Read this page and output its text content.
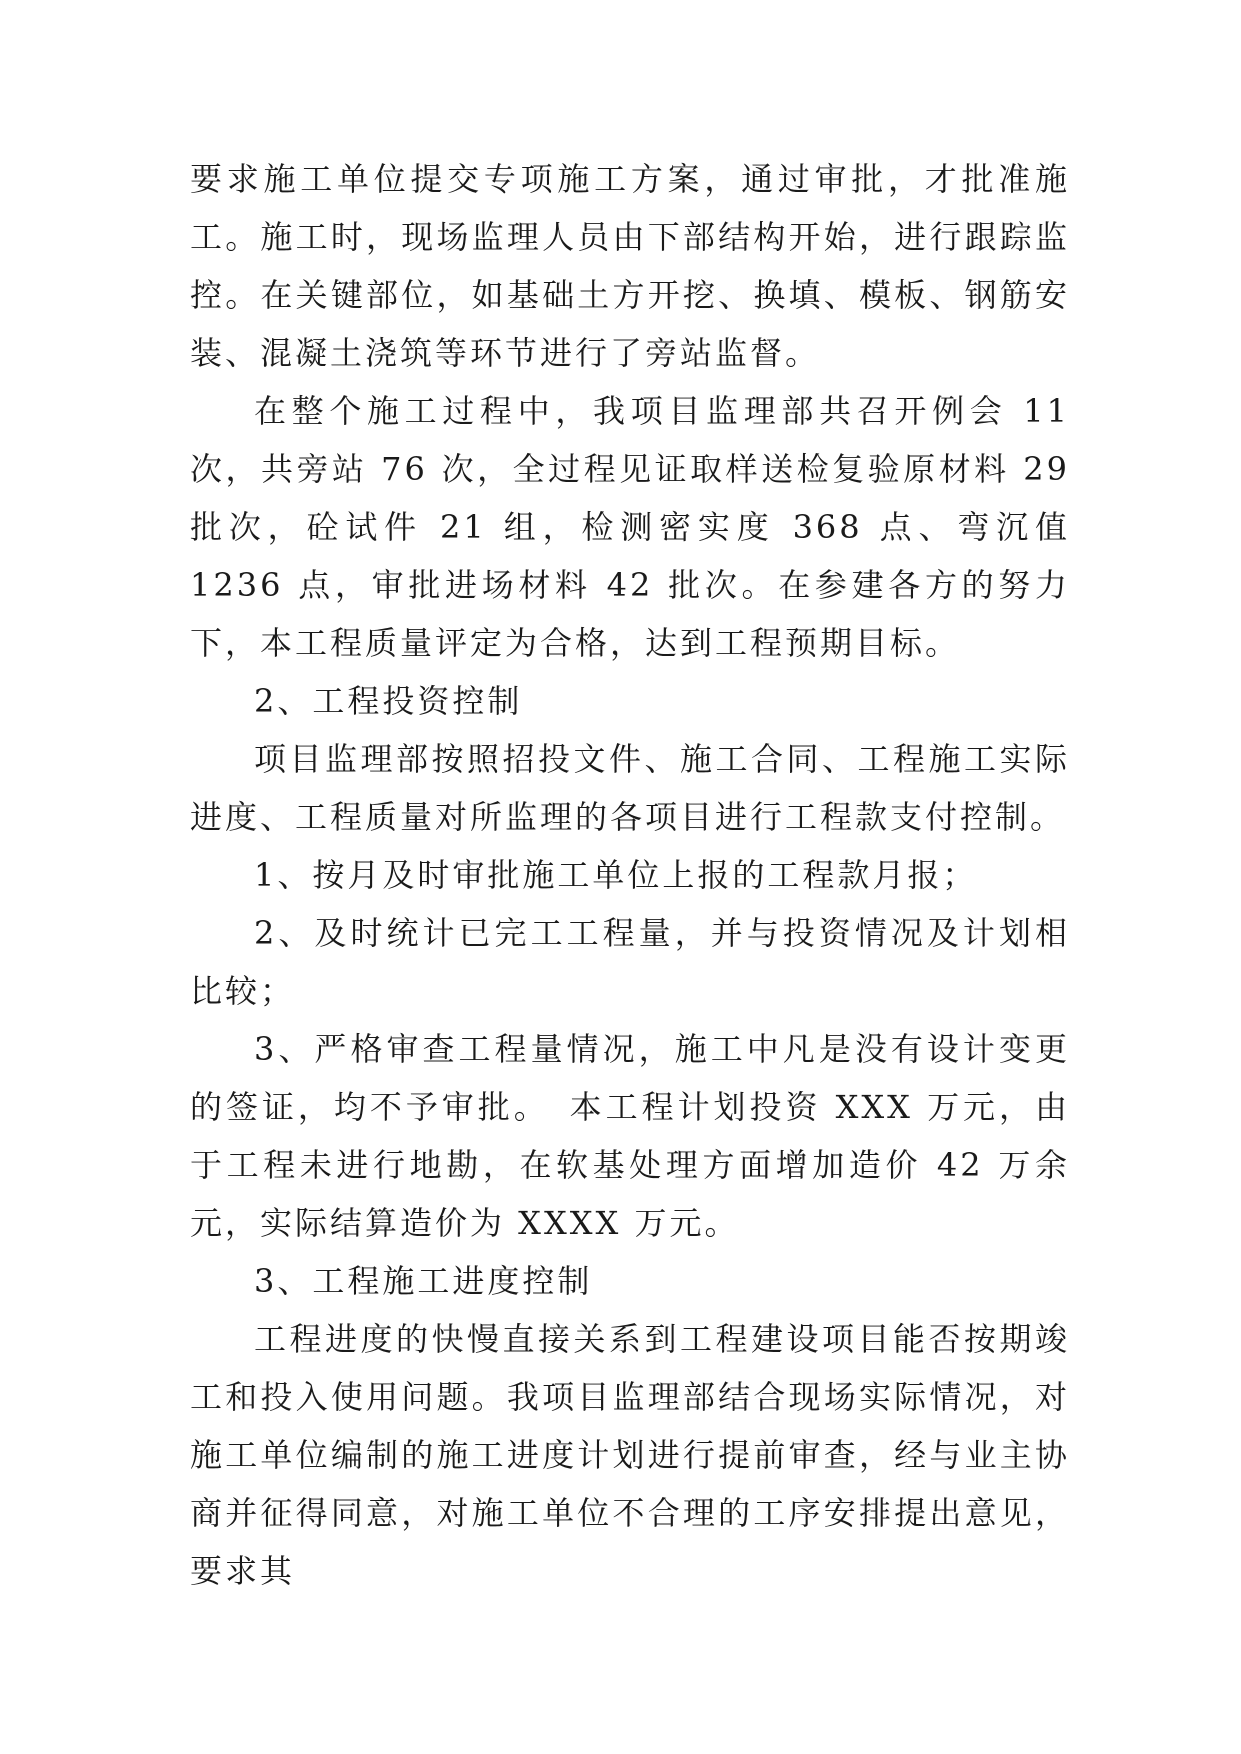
要求施工单位提交专项施工方案，通过审批，才批准施工。施工时，现场监理人员由下部结构开始，进行跟踪监控。在关键部位，如基础土方开挖、换填、模板、钢筋安装、混凝土浇筑等环节进行了旁站监督。

在整个施工过程中，我项目监理部共召开例会 11 次，共旁站 76 次，全过程见证取样送检复验原材料 29 批次，砼试件 21 组，检测密实度 368 点、弯沉值 1236 点，审批进场材料 42 批次。在参建各方的努力下，本工程质量评定为合格，达到工程预期目标。

2、工程投资控制

项目监理部按照招投文件、施工合同、工程施工实际进度、工程质量对所监理的各项目进行工程款支付控制。

1、按月及时审批施工单位上报的工程款月报；

2、及时统计已完工工程量，并与投资情况及计划相比较；

3、严格审查工程量情况，施工中凡是没有设计变更的签证，均不予审批。　本工程计划投资 XXX 万元，由于工程未进行地勘，在软基处理方面增加造价 42 万余元，实际结算造价为 XXXX 万元。

3、工程施工进度控制

工程进度的快慢直接关系到工程建设项目能否按期竣工和投入使用问题。我项目监理部结合现场实际情况，对施工单位编制的施工进度计划进行提前审查，经与业主协商并征得同意，对施工单位不合理的工序安排提出意见，要求其
